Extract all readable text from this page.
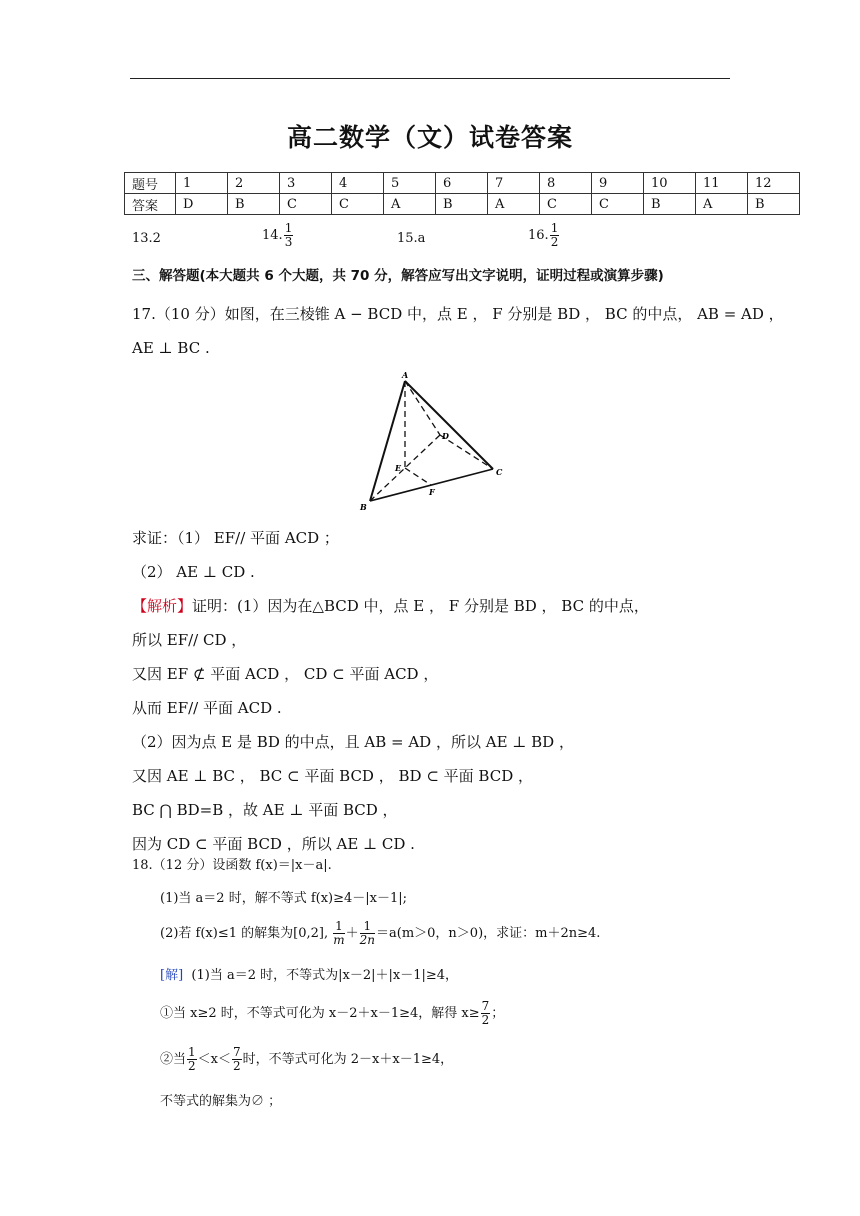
高二数学（文）试卷答案
题号	1	2	3	4	5	6	7	8	9	10	11	12
答案	D	B	C	C	A	B	A	C	C	B	A	B
13.2	14. $\frac{1}{3}$	15.a	16. $\frac{1}{2}$
三、解答题(本大题共 6 个大题，共 70 分，解答应写出文字说明，证明过程或演算步骤)
17.（10 分）如图，在三棱锥 A − BCD 中，点 E ， F 分别是 BD ， BC 的中点， AB = AD ，
AE ⊥ BC .
A
B
C
D
E
F
求证：（1） EF// 平面 ACD ；
（2） AE ⊥ CD .
【解析】证明：(1）因为在△BCD 中，点 E ， F 分别是 BD ， BC 的中点，
所以 EF// CD ，
又因 EF ⊄ 平面 ACD ， CD ⊂ 平面 ACD ，
从而 EF// 平面 ACD .
（2）因为点 E 是 BD 的中点，且 AB = AD ，所以 AE ⊥ BD ，
又因 AE ⊥ BC ， BC ⊂ 平面 BCD ， BD ⊂ 平面 BCD ，
BC ⋂ BD=B ，故 AE ⊥ 平面 BCD ，
因为 CD ⊂ 平面 BCD ，所以 AE ⊥ CD .
18.（12 分）设函数 f(x)＝|x－a|.
(1)当 a＝2 时，解不等式 f(x)≥4－|x－1|;
(2)若 f(x)≤1 的解集为[0,2], $\frac{1}{m} + \frac{1}{2n} =a(m>0$，n＞0)，求证：m＋2n≥4.
[解] (1)当 a＝2 时，不等式为|x－2|＋|x－1|≥4，
①当 x≥2 时，不等式可化为 x－2＋x－1≥4，解得 $x\ge \frac{7}{2}$ ；
②当 $\frac{1}{2} <x< \frac{7}{2}$ 时，不等式可化为 2－x＋x－1≥4，
不等式的解集为∅ ；
